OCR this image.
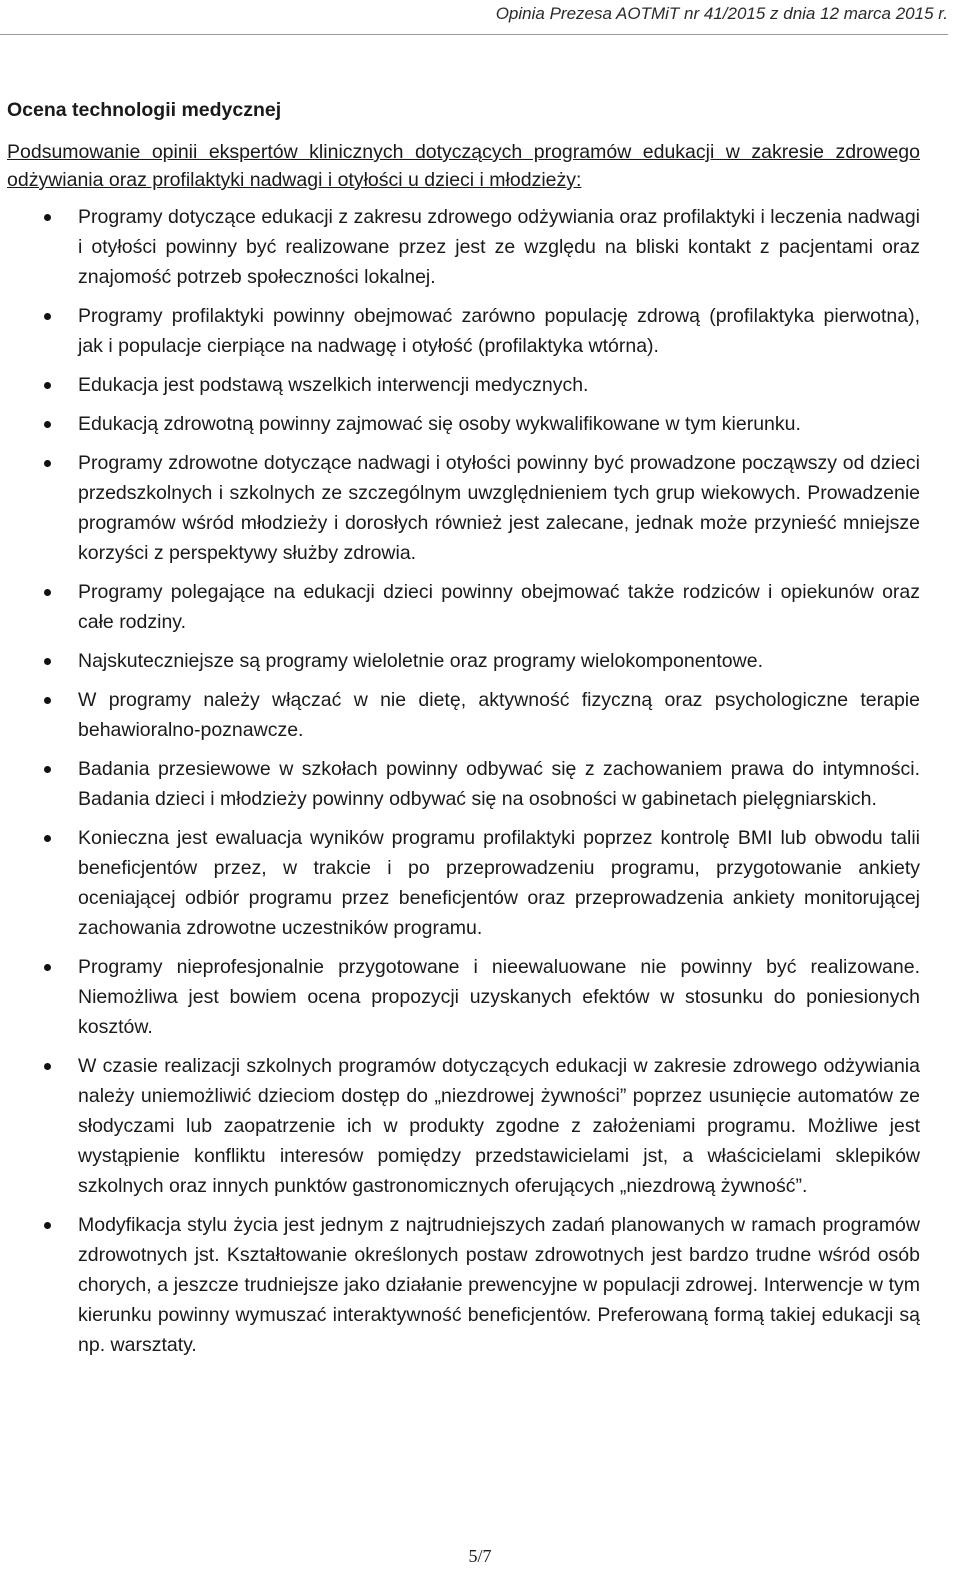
Opinia Prezesa AOTMiT nr 41/2015 z dnia 12 marca 2015 r.
Ocena technologii medycznej

Podsumowanie opinii ekspertów klinicznych dotyczących programów edukacji w zakresie zdrowego odżywiania oraz profilaktyki nadwagi i otyłości u dzieci i młodzieży:

Programy dotyczące edukacji z zakresu zdrowego odżywiania oraz profilaktyki i leczenia nadwagi i otyłości powinny być realizowane przez jest ze względu na bliski kontakt z pacjentami oraz znajomość potrzeb społeczności lokalnej.
Programy profilaktyki powinny obejmować zarówno populację zdrową (profilaktyka pierwotna), jak i populacje cierpiące na nadwagę i otyłość (profilaktyka wtórna).
Edukacja jest podstawą wszelkich interwencji medycznych.
Edukacją zdrowotną powinny zajmować się osoby wykwalifikowane w tym kierunku.
Programy zdrowotne dotyczące nadwagi i otyłości powinny być prowadzone począwszy od dzieci przedszkolnych i szkolnych ze szczególnym uwzględnieniem tych grup wiekowych. Prowadzenie programów wśród młodzieży i dorosłych również jest zalecane, jednak może przynieść mniejsze korzyści z perspektywy służby zdrowia.
Programy polegające na edukacji dzieci powinny obejmować także rodziców i opiekunów oraz całe rodziny.
Najskuteczniejsze są programy wieloletnie oraz programy wielokomponentowe.
W programy należy włączać w nie dietę, aktywność fizyczną oraz psychologiczne terapie behawioralno-poznawcze.
Badania przesiewowe w szkołach powinny odbywać się z zachowaniem prawa do intymności. Badania dzieci i młodzieży powinny odbywać się na osobności w gabinetach pielęgniarskich.
Konieczna jest ewaluacja wyników programu profilaktyki poprzez kontrolę BMI lub obwodu talii beneficjentów przez, w trakcie i po przeprowadzeniu programu, przygotowanie ankiety oceniającej odbiór programu przez beneficjentów oraz przeprowadzenia ankiety monitorującej zachowania zdrowotne uczestników programu.
Programy nieprofesjonalnie przygotowane i nieewaluowane nie powinny być realizowane. Niemożliwa jest bowiem ocena propozycji uzyskanych efektów w stosunku do poniesionych kosztów.
W czasie realizacji szkolnych programów dotyczących edukacji w zakresie zdrowego odżywiania należy uniemożliwić dzieciom dostęp do „niezdrowej żywności” poprzez usunięcie automatów ze słodyczami lub zaopatrzenie ich w produkty zgodne z założeniami programu. Możliwe jest wystąpienie konfliktu interesów pomiędzy przedstawicielami jst, a właścicielami sklepików szkolnych oraz innych punktów gastronomicznych oferujących „niezdrową żywność”.
Modyfikacja stylu życia jest jednym z najtrudniejszych zadań planowanych w ramach programów zdrowotnych jst. Kształtowanie określonych postaw zdrowotnych jest bardzo trudne wśród osób chorych, a jeszcze trudniejsze jako działanie prewencyjne w populacji zdrowej. Interwencje w tym kierunku powinny wymuszać interaktywność beneficjentów. Preferowaną formą takiej edukacji są np. warsztaty.
5/7
